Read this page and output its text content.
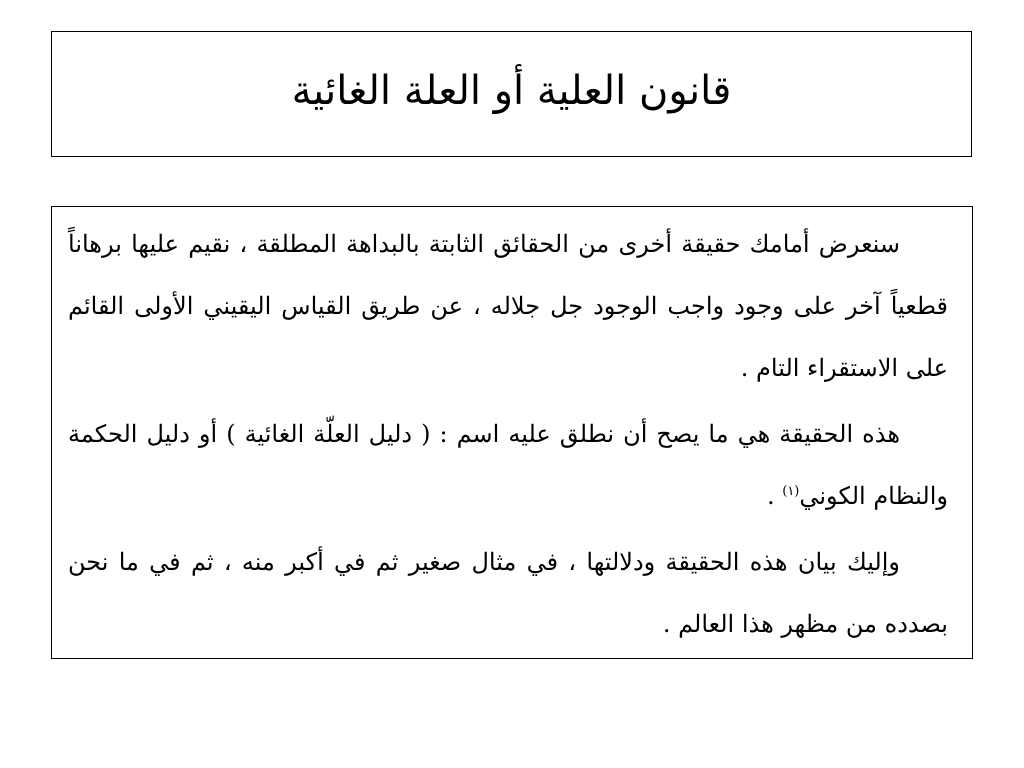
قانون العلية أو العلة الغائية

سنعرض أمامك حقيقة أخرى من الحقائق الثابتة بالبداهة المطلقة ، نقيم عليها برهاناً قطعياً آخر على وجود واجب الوجود جل جلاله ، عن طريق القياس اليقيني الأولى القائم على الاستقراء التام .

هذه الحقيقة هي ما يصح أن نطلق عليه اسم : ( دليل العلّة الغائية ) أو دليل الحكمة والنظام الكوني$^{(١)}$ .

وإليك بيان هذه الحقيقة ودلالتها ، في مثال صغير ثم في أكبر منه ، ثم في ما نحن بصدده من مظهر هذا العالم .
